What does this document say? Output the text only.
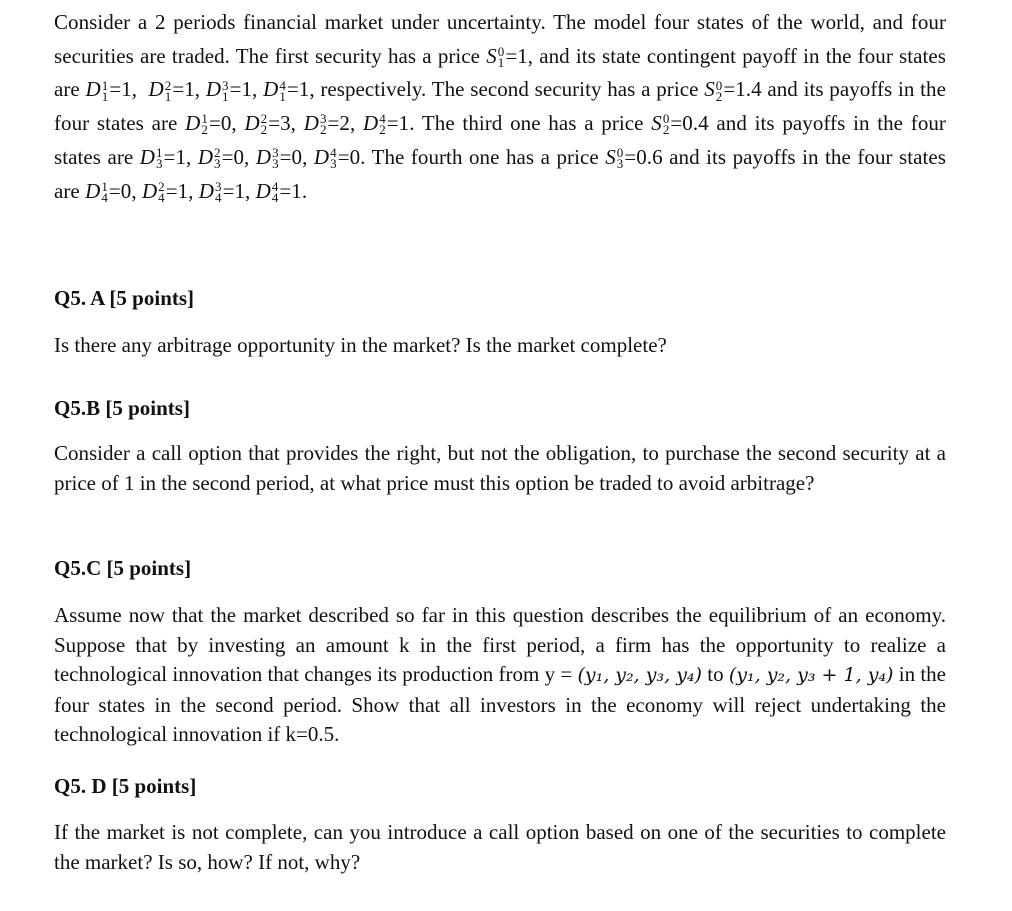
Consider a 2 periods financial market under uncertainty. The model four states of the world, and four securities are traded. The first security has a price S 0
1 =1, and its state contingent payoff in the four states are D 1
1 =1, D 2
1 =1, D 3
1 =1, D 4
1 =1, respectively. The second security has a price S 0
2 =1.4 and its payoffs in the four states are D 1
2 =0, D 2
2 =3, D 3
2 =2, D 4
2 =1. The third one has a price S 0
2 =0.4 and its payoffs in the four states are D 1
3 =1, D 2
3 =0, D 3
3 =0, D 4
3 =0. The fourth one has a price S 0
3 =0.6 and its payoffs in the four states are D 1
4 =0, D 2
4 =1, D 3
4 =1, D 4
4 =1.

Q5. A [5 points]

Is there any arbitrage opportunity in the market? Is the market complete?

Q5.B [5 points]

Consider a call option that provides the right, but not the obligation, to purchase the second security at a price of 1 in the second period, at what price must this option be traded to avoid arbitrage?

Q5.C [5 points]

Assume now that the market described so far in this question describes the equilibrium of an economy. Suppose that by investing an amount k in the first period, a firm has the opportunity to realize a technological innovation that changes its production from y = (y₁, y₂, y₃, y₄) to (y₁, y₂, y₃ + 1, y₄) in the four states in the second period. Show that all investors in the economy will reject undertaking the technological innovation if k=0.5.

Q5. D [5 points]

If the market is not complete, can you introduce a call option based on one of the securities to complete the market? Is so, how? If not, why?
